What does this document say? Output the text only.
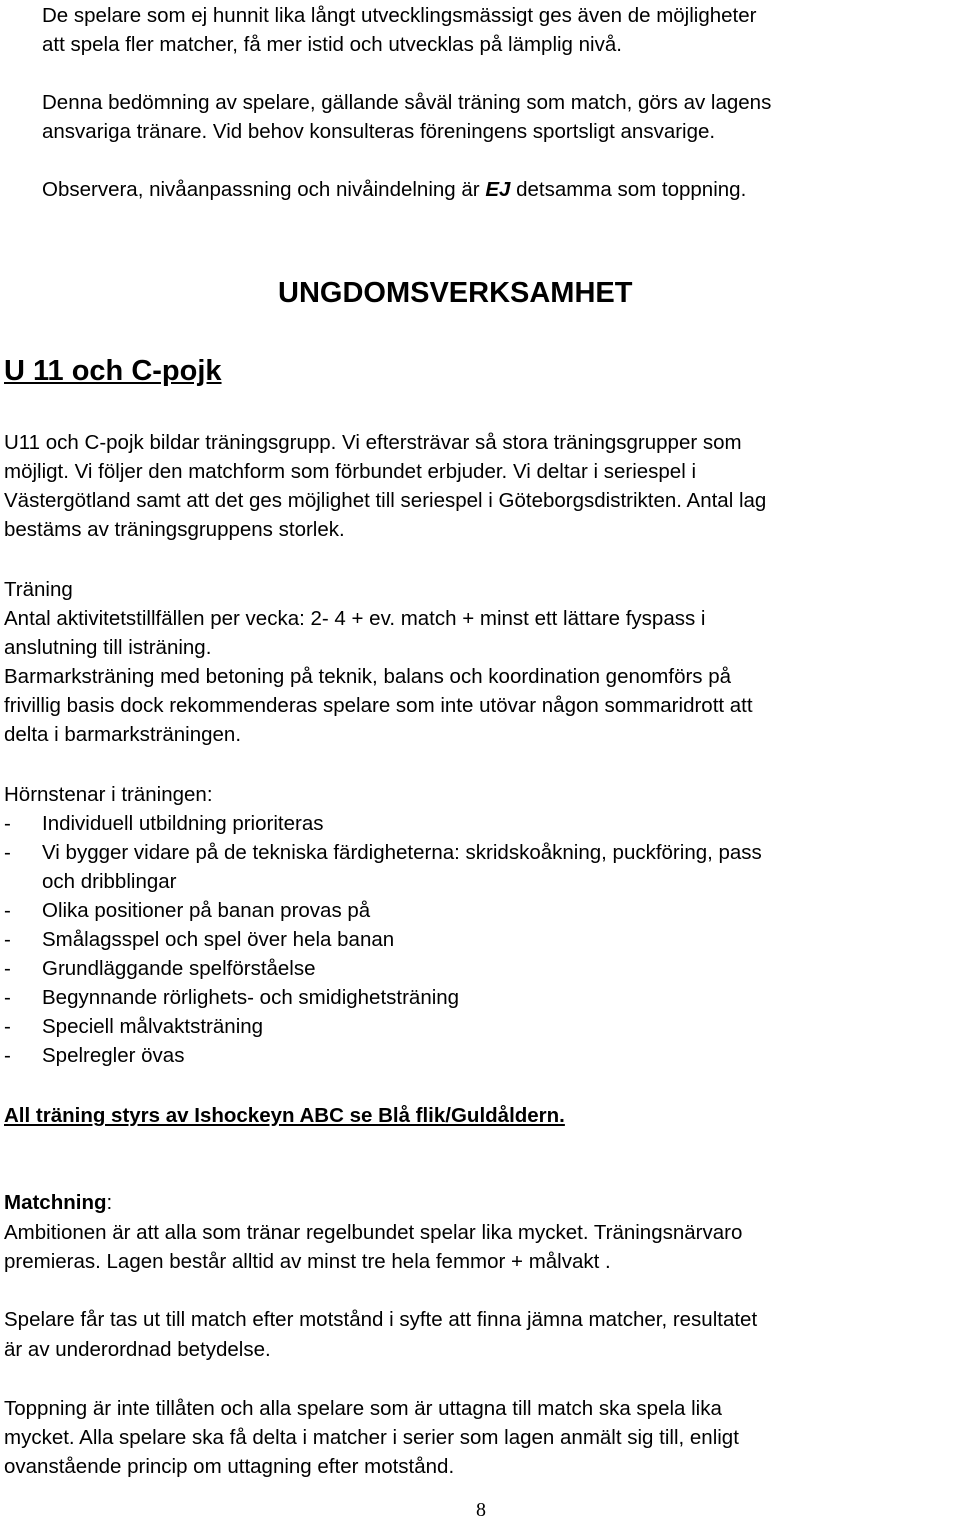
De spelare som ej hunnit lika långt utvecklingsmässigt ges även de möjligheter
att spela fler matcher, få mer istid och utvecklas på lämplig nivå.
Denna bedömning av spelare, gällande såväl träning som match, görs av lagens
ansvariga tränare. Vid behov konsulteras föreningens sportsligt ansvarige.
Observera, nivåanpassning och nivåindelning är EJ detsamma som toppning.
UNGDOMSVERKSAMHET
U 11 och C-pojk
U11 och C-pojk bildar träningsgrupp. Vi eftersträvar så stora träningsgrupper som
möjligt. Vi följer den matchform som förbundet erbjuder. Vi deltar i seriespel i
Västergötland samt att det ges möjlighet till seriespel i Göteborgsdistrikten. Antal lag
bestäms av träningsgruppens storlek.
Träning
Antal aktivitetstillfällen per vecka: 2- 4 + ev. match + minst ett lättare fyspass i
anslutning till isträning.
Barmarksträning med betoning på teknik, balans och koordination genomförs på
frivillig basis dock rekommenderas spelare som inte utövar någon sommaridrott att
delta i barmarksträningen.
Hörnstenar i träningen:
- Individuell utbildning prioriteras
- Vi bygger vidare på de tekniska färdigheterna: skridskoåkning, puckföring, pass
och dribblingar
- Olika positioner på banan provas på
- Smålagsspel och spel över hela banan
- Grundläggande spelförståelse
- Begynnande rörlighets- och smidighetsträning
- Speciell målvaktsträning
- Spelregler övas
All träning styrs av Ishockeyn ABC se Blå flik/Guldåldern.
Matchning:
Ambitionen är att alla som tränar regelbundet spelar lika mycket. Träningsnärvaro
premieras. Lagen består alltid av minst tre hela femmor + målvakt .
Spelare får tas ut till match efter motstånd i syfte att finna jämna matcher, resultatet
är av underordnad betydelse.
Toppning är inte tillåten och alla spelare som är uttagna till match ska spela lika
mycket. Alla spelare ska få delta i matcher i serier som lagen anmält sig till, enligt
ovanstående princip om uttagning efter motstånd.
8
